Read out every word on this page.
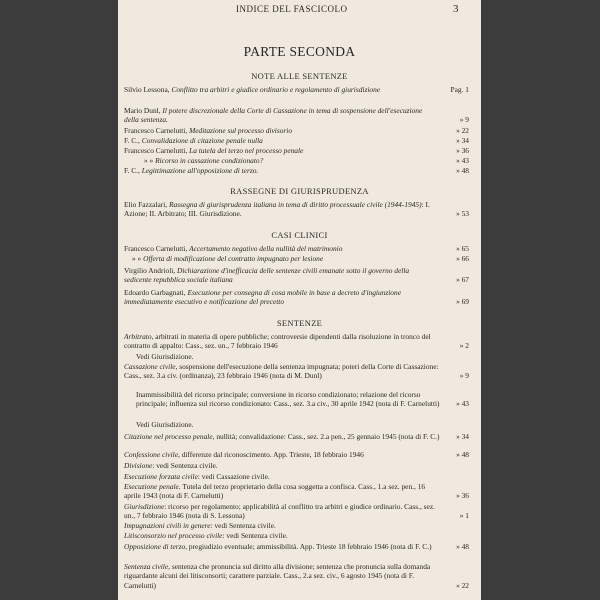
INDICE DEL FASCICOLO	3
PARTE SECONDA
NOTE ALLE SENTENZE
Silvio Lessona, Conflitto tra arbitri e giudice ordinario e regolamento di giurisdizione	Pag. 1
Mario Dunl, Il potere discrezionale della Corte di Cassazione in tema di sospensione dell'esecuzione della sentenza.	» 9
Francesco Carnelutti, Meditazione sul processo divisorio	» 22
F. C., Convalidazione di citazione penale nulla	» 34
Francesco Carnelutti, La tutela del terzo nel processo penale	» 36
» » Ricorso in cassazione condizionato?	» 43
F. C., Legittimazione all'opposizione di terzo.	» 48
RASSEGNE DI GIURISPRUDENZA
Elio Fazzalari, Rassegna di giurisprudenza italiana in tema di diritto processuale civile (1944-1945): I. Azione; II. Arbitrato; III. Giurisdizione.	» 53
CASI CLINICI
Francesco Carnelutti, Accertamento negativo della nullità del matrimonio	» 65
» » Offerta di modificazione del contratto impugnato per lesione	» 66
Virgilio Andrioli, Dichiarazione d'inefficacia delle sentenze civili emanate sotto il governo della sedicente repubblica sociale italiana	» 67
Edoardo Garbagnati, Esecuzione per consegna di cosa mobile in base a decreto d'ingiunzione immediatamente esecutivo e notificazione del precetto	» 69
SENTENZE
Arbitrato, arbitrati in materia di opere pubbliche; controversie dipendenti dalla risoluzione in tronco del contratto di appalto: Cass., sez. un., 7 febbraio 1946	» 2
Vedi Giurisdizione.
Cassazione civile, sospensione dell'esecuzione della sentenza impugnata; poteri della Corte di Cassazione: Cass., sez. 3.a civ. (ordinanza), 23 febbraio 1946 (nota di M. Dunl)	» 9
Inammissibilità del ricorso principale; conversione in ricorso condizionato; relazione del ricorso principale; influenza sul ricorso condizionato: Cass., sez. 3.a civ., 30 aprile 1942 (nota di F. Carnelutti) » 43
Vedi Giurisdizione.
Citazione nel processo penale, nullità; convalidazione: Cass., sez. 2.a pen., 25 gennaio 1945 (nota di F. C.) » 34
Confessione civile, differenze dal riconoscimento. App. Trieste, 18 febbraio 1946	» 48
Divisione: vedi Sentenza civile.
Esecuzione forzata civile: vedi Cassazione civile.
Esecuzione penale. Tutela del terzo proprietario della cosa soggetta a confisca. Cass., 1.a sez. pen., 16 aprile 1943 (nota di F. Carnelutti)	» 36
Giurisdizione: ricorso per regolamento; applicabilità al conflitto tra arbitri e giudice ordinario. Cass., sez. un., 7 febbraio 1946 (nota di S. Lessona)	» 1
Impugnazioni civili in genere: vedi Sentenza civile.
Litisconsorzio nel processo civile: vedi Sentenza civile.
Opposizione di terzo, pregiudizio eventuale; ammissibilità. App. Trieste 18 febbraio 1946 (nota di F. C.)	» 48
Sentenza civile, sentenza che pronuncia sul diritto alla divisione; sentenza che pronuncia sulla domanda riguardante alcuni dei litisconsorti; carattere parziale. Cass., 2.a sez. civ., 6 agosto 1945 (nota di F. Carnelutti)	» 22
